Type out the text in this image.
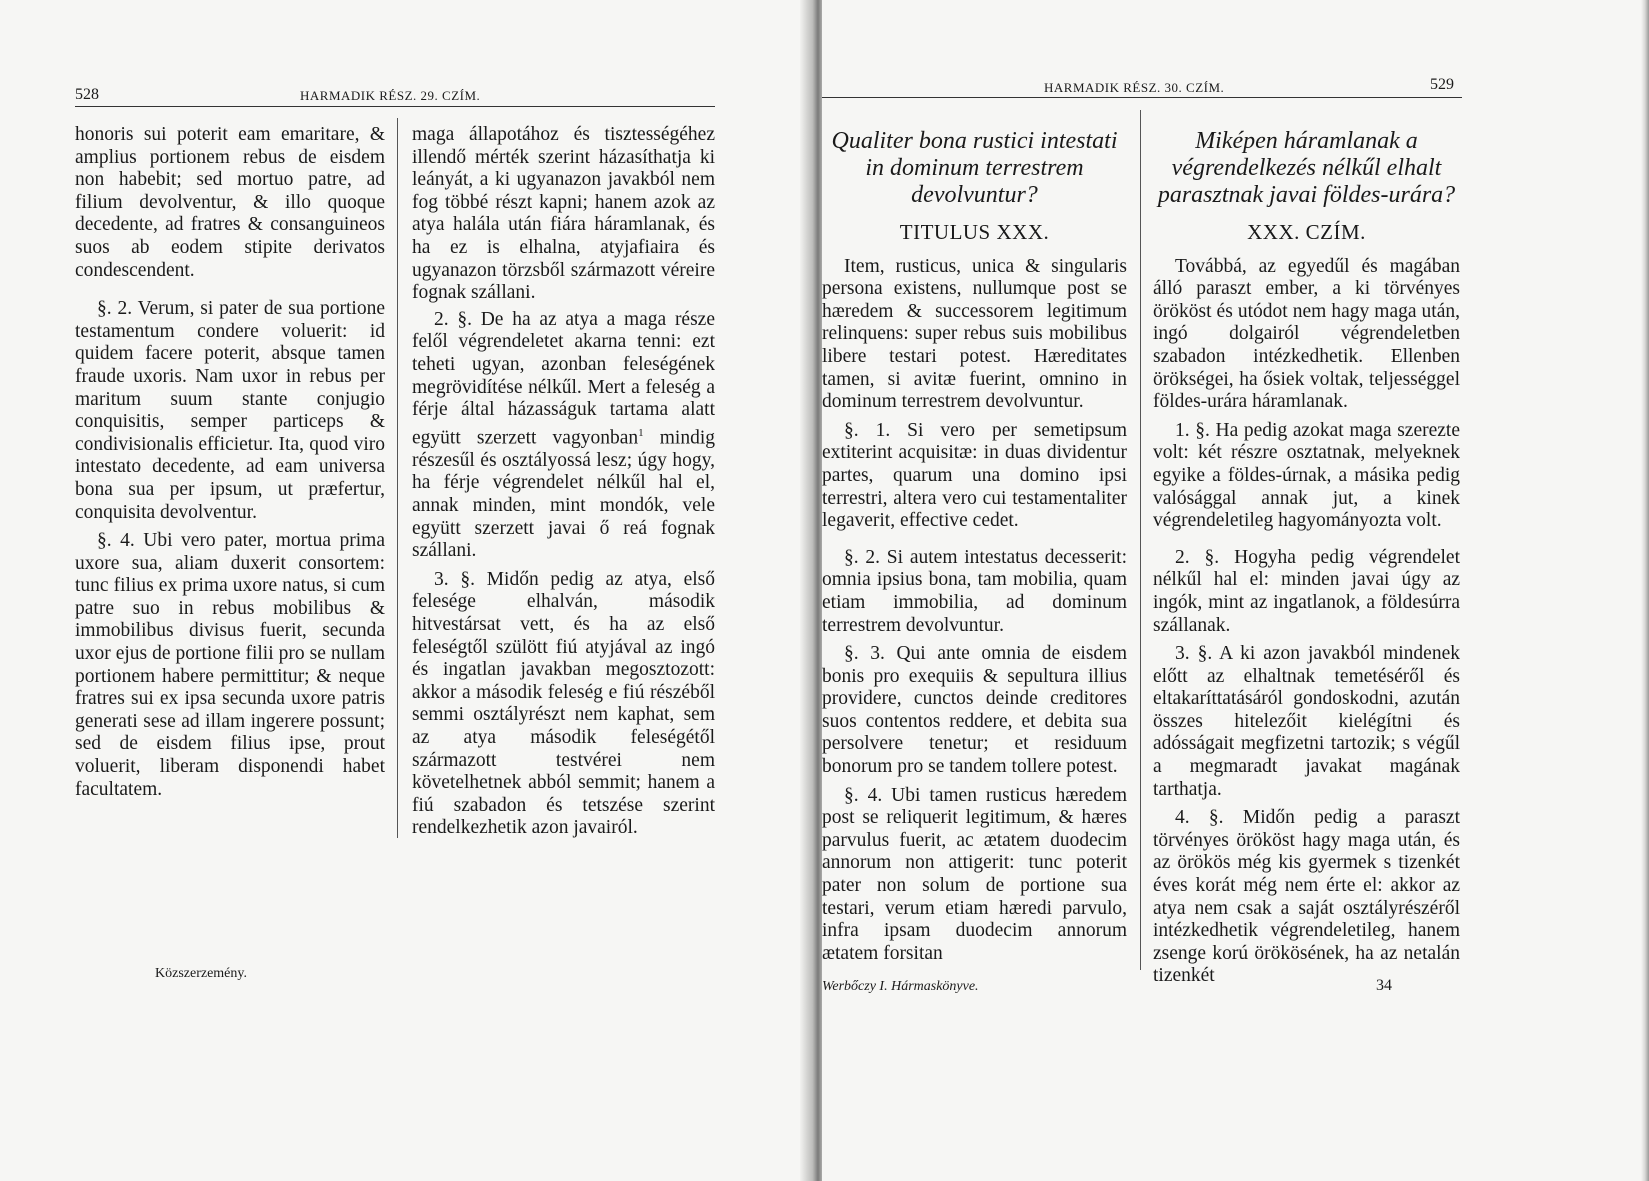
528	HARMADIK RÉSZ. 29. CZÍM.

honoris sui poterit eam emaritare, & amplius portionem rebus de eisdem non habebit; sed mortuo patre, ad filium devolventur, & illo quoque decedente, ad fratres & consanguineos suos ab eodem stipite derivatos condescendent.

§. 2. Verum, si pater de sua portione testamentum condere voluerit: id quidem facere poterit, absque tamen fraude uxoris. Nam uxor in rebus per maritum suum stante conjugio conquisitis, semper particeps & condivisionalis efficietur. Ita, quod viro intestato decedente, ad eam universa bona sua per ipsum, ut præfertur, conquisita devolventur.

§. 4. Ubi vero pater, mortua prima uxore sua, aliam duxerit consortem: tunc filius ex prima uxore natus, si cum patre suo in rebus mobilibus & immobilibus divisus fuerit, secunda uxor ejus de portione filii pro se nullam portionem habere permittitur; & neque fratres sui ex ipsa secunda uxore patris generati sese ad illam ingerere possunt; sed de eisdem filius ipse, prout voluerit, liberam disponendi habet facultatem.

maga állapotához és tisztességéhez illendő mérték szerint házasíthatja ki leányát, a ki ugyanazon javakból nem fog többé részt kapni; hanem azok az atya halála után fiára háramlanak, és ha ez is elhalna, atyjafiaira és ugyanazon törzsből származott véreire fognak szállani.

2. §. De ha az atya a maga része felől végrendeletet akarna tenni: ezt teheti ugyan, azonban feleségének megrövidítése nélkűl. Mert a feleség a férje által házasságuk tartama alatt együtt szerzett vagyonban$^1$ mindig részesűl és osztályossá lesz; úgy hogy, ha férje végrendelet nélkűl hal el, annak minden, mint mondók, vele együtt szerzett javai ő reá fognak szállani.

3. §. Midőn pedig az atya, első felesége elhalván, második hitvestársat vett, és ha az első feleségtől szülött fiú atyjával az ingó és ingatlan javakban megosztozott: akkor a második feleség e fiú részéből semmi osztályrészt nem kaphat, sem az atya második feleségétől származott testvérei nem követelhetnek abból semmit; hanem a fiú szabadon és tetszése szerint rendelkezhetik azon javairól.

Közszerzemény.
HARMADIK RÉSZ. 30. CZÍM.	529
Qualiter bona rustici intestati in dominum terrestrem devolvuntur?
TITULUS XXX.

Item, rusticus, unica & singularis persona existens, nullumque post se hæredem & successorem legitimum relinquens: super rebus suis mobilibus libere testari potest. Hæreditates tamen, si avitæ fuerint, omnino in dominum terrestrem devolvuntur.

§. 1. Si vero per semetipsum extiterint acquisitæ: in duas dividentur partes, quarum una domino ipsi terrestri, altera vero cui testamentaliter legaverit, effective cedet.

§. 2. Si autem intestatus decesserit: omnia ipsius bona, tam mobilia, quam etiam immobilia, ad dominum terrestrem devolvuntur.

§. 3. Qui ante omnia de eisdem bonis pro exequiis & sepultura illius providere, cunctos deinde creditores suos contentos reddere, et debita sua persolvere tenetur; et residuum bonorum pro se tandem tollere potest.

§. 4. Ubi tamen rusticus hæredem post se reliquerit legitimum, & hæres parvulus fuerit, ac ætatem duodecim annorum non attigerit: tunc poterit pater non solum de portione sua testari, verum etiam hæredi parvulo, infra ipsam duodecim annorum ætatem forsitan

Miképen háramlanak a végrendelkezés nélkűl elhalt parasztnak javai földes-urára?
XXX. CZÍM.

Továbbá, az egyedűl és magában álló paraszt ember, a ki törvényes örököst és utódot nem hagy maga után, ingó dolgairól végrendeletben szabadon intézkedhetik. Ellenben örökségei, ha ősiek voltak, teljességgel földes-urára háramlanak.

1. §. Ha pedig azokat maga szerezte volt: két részre osztatnak, melyeknek egyike a földes-úrnak, a másika pedig valósággal annak jut, a kinek végrendeletileg hagyományozta volt.

2. §. Hogyha pedig végrendelet nélkűl hal el: minden javai úgy az ingók, mint az ingatlanok, a földesúrra szállanak.

3. §. A ki azon javakból mindenek előtt az elhaltnak temetéséről és eltakaríttatásáról gondoskodni, azután összes hitelezőit kielégítni és adósságait megfizetni tartozik; s végűl a megmaradt javakat magának tarthatja.

4. §. Midőn pedig a paraszt törvényes örököst hagy maga után, és az örökös még kis gyermek s tizenkét éves korát még nem érte el: akkor az atya nem csak a saját osztályrészéről intézkedhetik végrendeletileg, hanem zsenge korú örökösének, ha az netalán tizenkét

Werbőczy I. Hármaskönyve.	34
